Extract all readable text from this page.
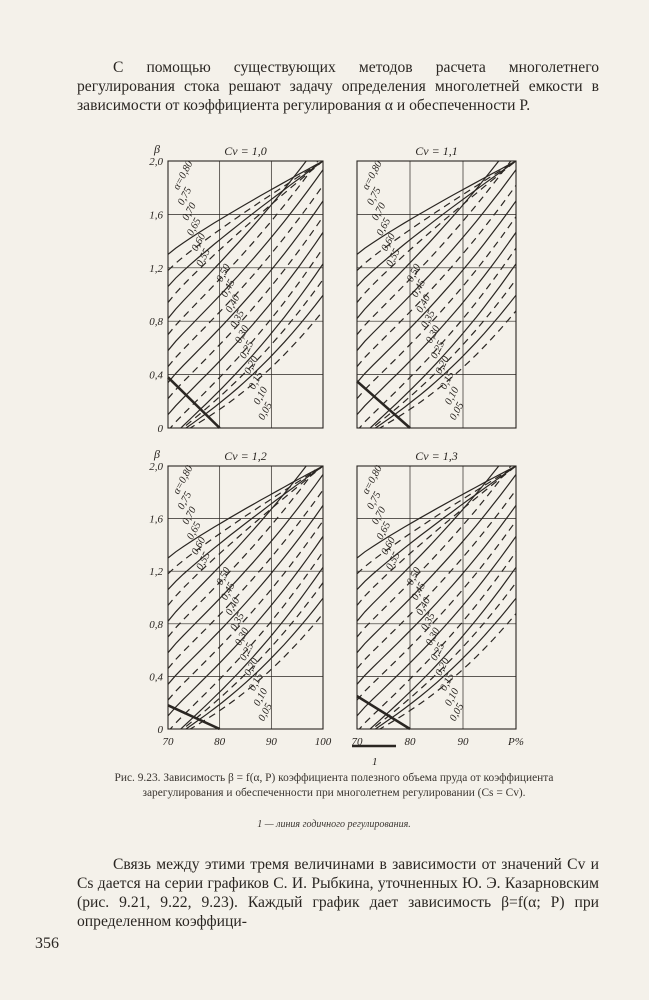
С помощью существующих методов расчета многолетнего регулирования стока решают задачу определения многолетней емкости в зависимости от коэффициента регулирования α и обеспеченности P.

Cv = 1,0
β
2,0
1,6
1,2
0,8
0,4
0
α=0,80
0,75
0,70
0,65
0,60
0,55
0,50
0,45
0,40
0,35
0,30
0,25
0,20
0,15
0,10
0,05
Cv = 1,1
α=0,80
0,75
0,70
0,65
0,60
0,55
0,50
0,45
0,40
0,35
0,30
0,25
0,20
0,15
0,10
0,05
Cv = 1,2
β
2,0
1,6
1,2
0,8
0,4
0
70	80	90	100
α=0,80
0,75
0,70
0,65
0,60
0,55
0,50
0,45
0,40
0,35
0,30
0,25
0,20
0,15
0,10
0,05
Cv = 1,3
70	80	90	P%
α=0,80
0,75
0,70
0,65
0,60
0,55
0,50
0,45
0,40
0,35
0,30
0,25
0,20
0,15
0,10
0,05
1
Рис. 9.23. Зависимость β = f(α, P) коэффициента полезного объема пруда от коэффициента зарегулирования и обеспеченности при многолетнем регулировании (Cs = Cv).
1 — линия годичного регулирования.

Связь между этими тремя величинами в зависимости от значений Cv и Cs дается на серии графиков С. И. Рыбкина, уточненных Ю. Э. Казарновским (рис. 9.21, 9.22, 9.23). Каждый график дает зависимость β=f(α; P) при определенном коэффици-

356
